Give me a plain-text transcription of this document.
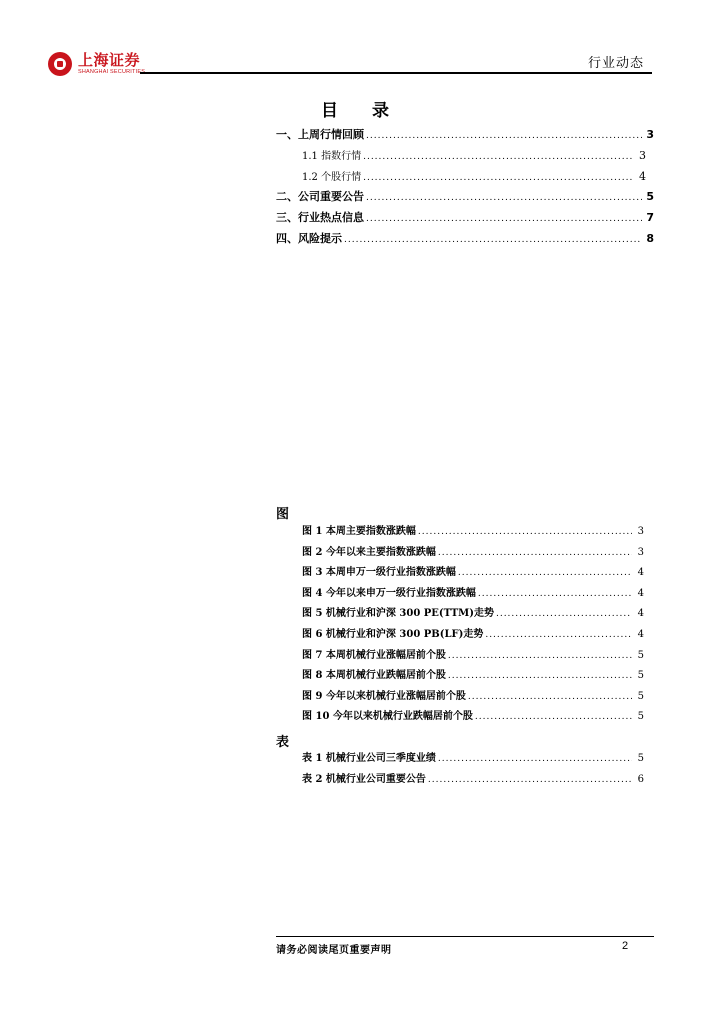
上海证券
SHANGHAI SECURITIES
行业动态
目 录
一、上周行情回顾 .....	3
1.1 指数行情 .....	3
1.2 个股行情 .....	4
二、公司重要公告 .....	5
三、行业热点信息 .....	7
四、风险提示 .....	8
图
图 1 本周主要指数涨跌幅 .....	3
图 2 今年以来主要指数涨跌幅 .....	3
图 3 本周申万一级行业指数涨跌幅 .....	4
图 4 今年以来申万一级行业指数涨跌幅 .....	4
图 5 机械行业和沪深 300 PE(TTM)走势 .....	4
图 6 机械行业和沪深 300 PB(LF)走势 .....	4
图 7 本周机械行业涨幅居前个股 .....	5
图 8 本周机械行业跌幅居前个股 .....	5
图 9 今年以来机械行业涨幅居前个股 .....	5
图 10 今年以来机械行业跌幅居前个股 .....	5
表
表 1 机械行业公司三季度业绩 .....	5
表 2 机械行业公司重要公告 .....	6
请务必阅读尾页重要声明	2
